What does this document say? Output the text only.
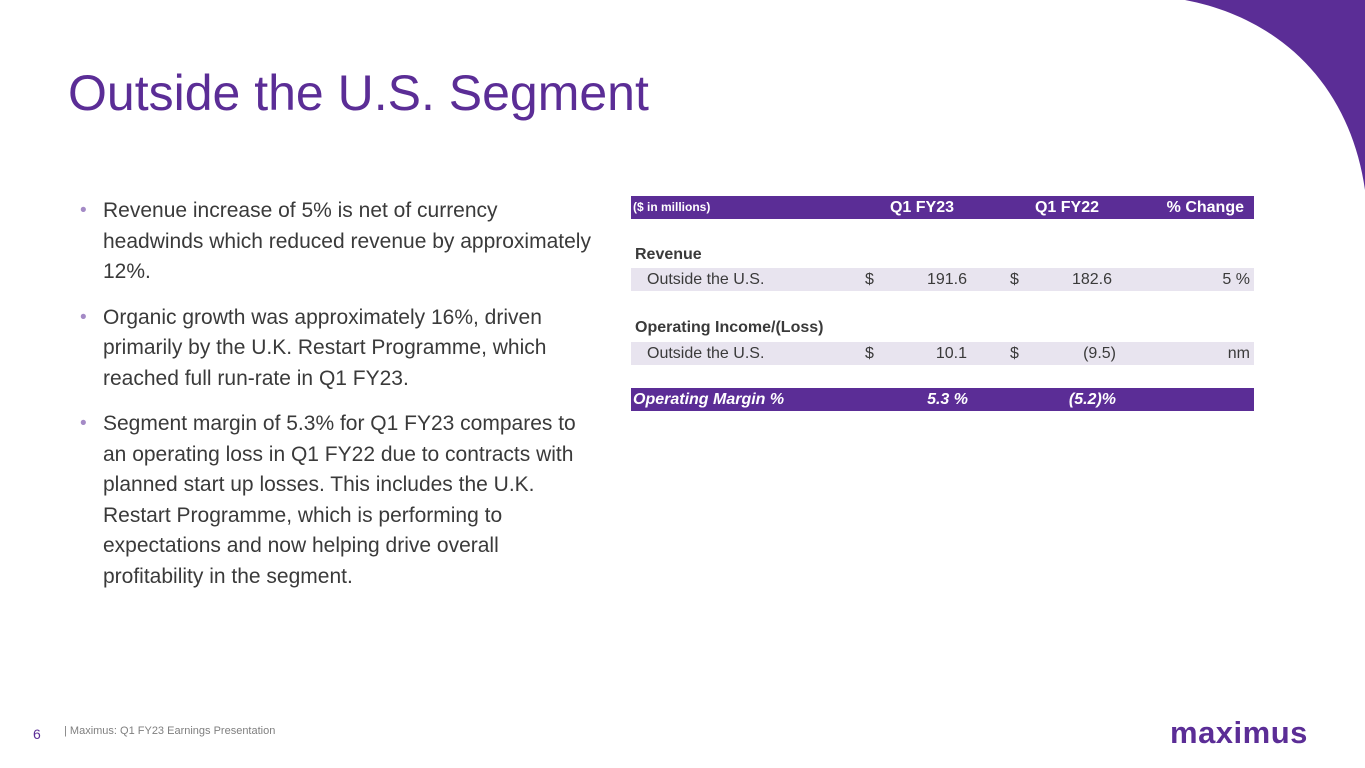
Outside the U.S. Segment
• Revenue increase of 5% is net of currency headwinds which reduced revenue by approximately 12%.
• Organic growth was approximately 16%, driven primarily by the U.K. Restart Programme, which reached full run-rate in Q1 FY23.
• Segment margin of 5.3% for Q1 FY23 compares to an operating loss in Q1 FY22 due to contracts with planned start up losses. This includes the U.K. Restart Programme, which is performing to expectations and now helping drive overall profitability in the segment.
($ in millions)	Q1 FY23	Q1 FY22	% Change
Revenue
Outside the U.S.	$	191.6	$	182.6	5 %
Operating Income/(Loss)
Outside the U.S.	$	10.1	$	(9.5)	nm
Operating Margin %	5.3 %	(5.2)%
6 | Maximus: Q1 FY23 Earnings Presentation	maximus
